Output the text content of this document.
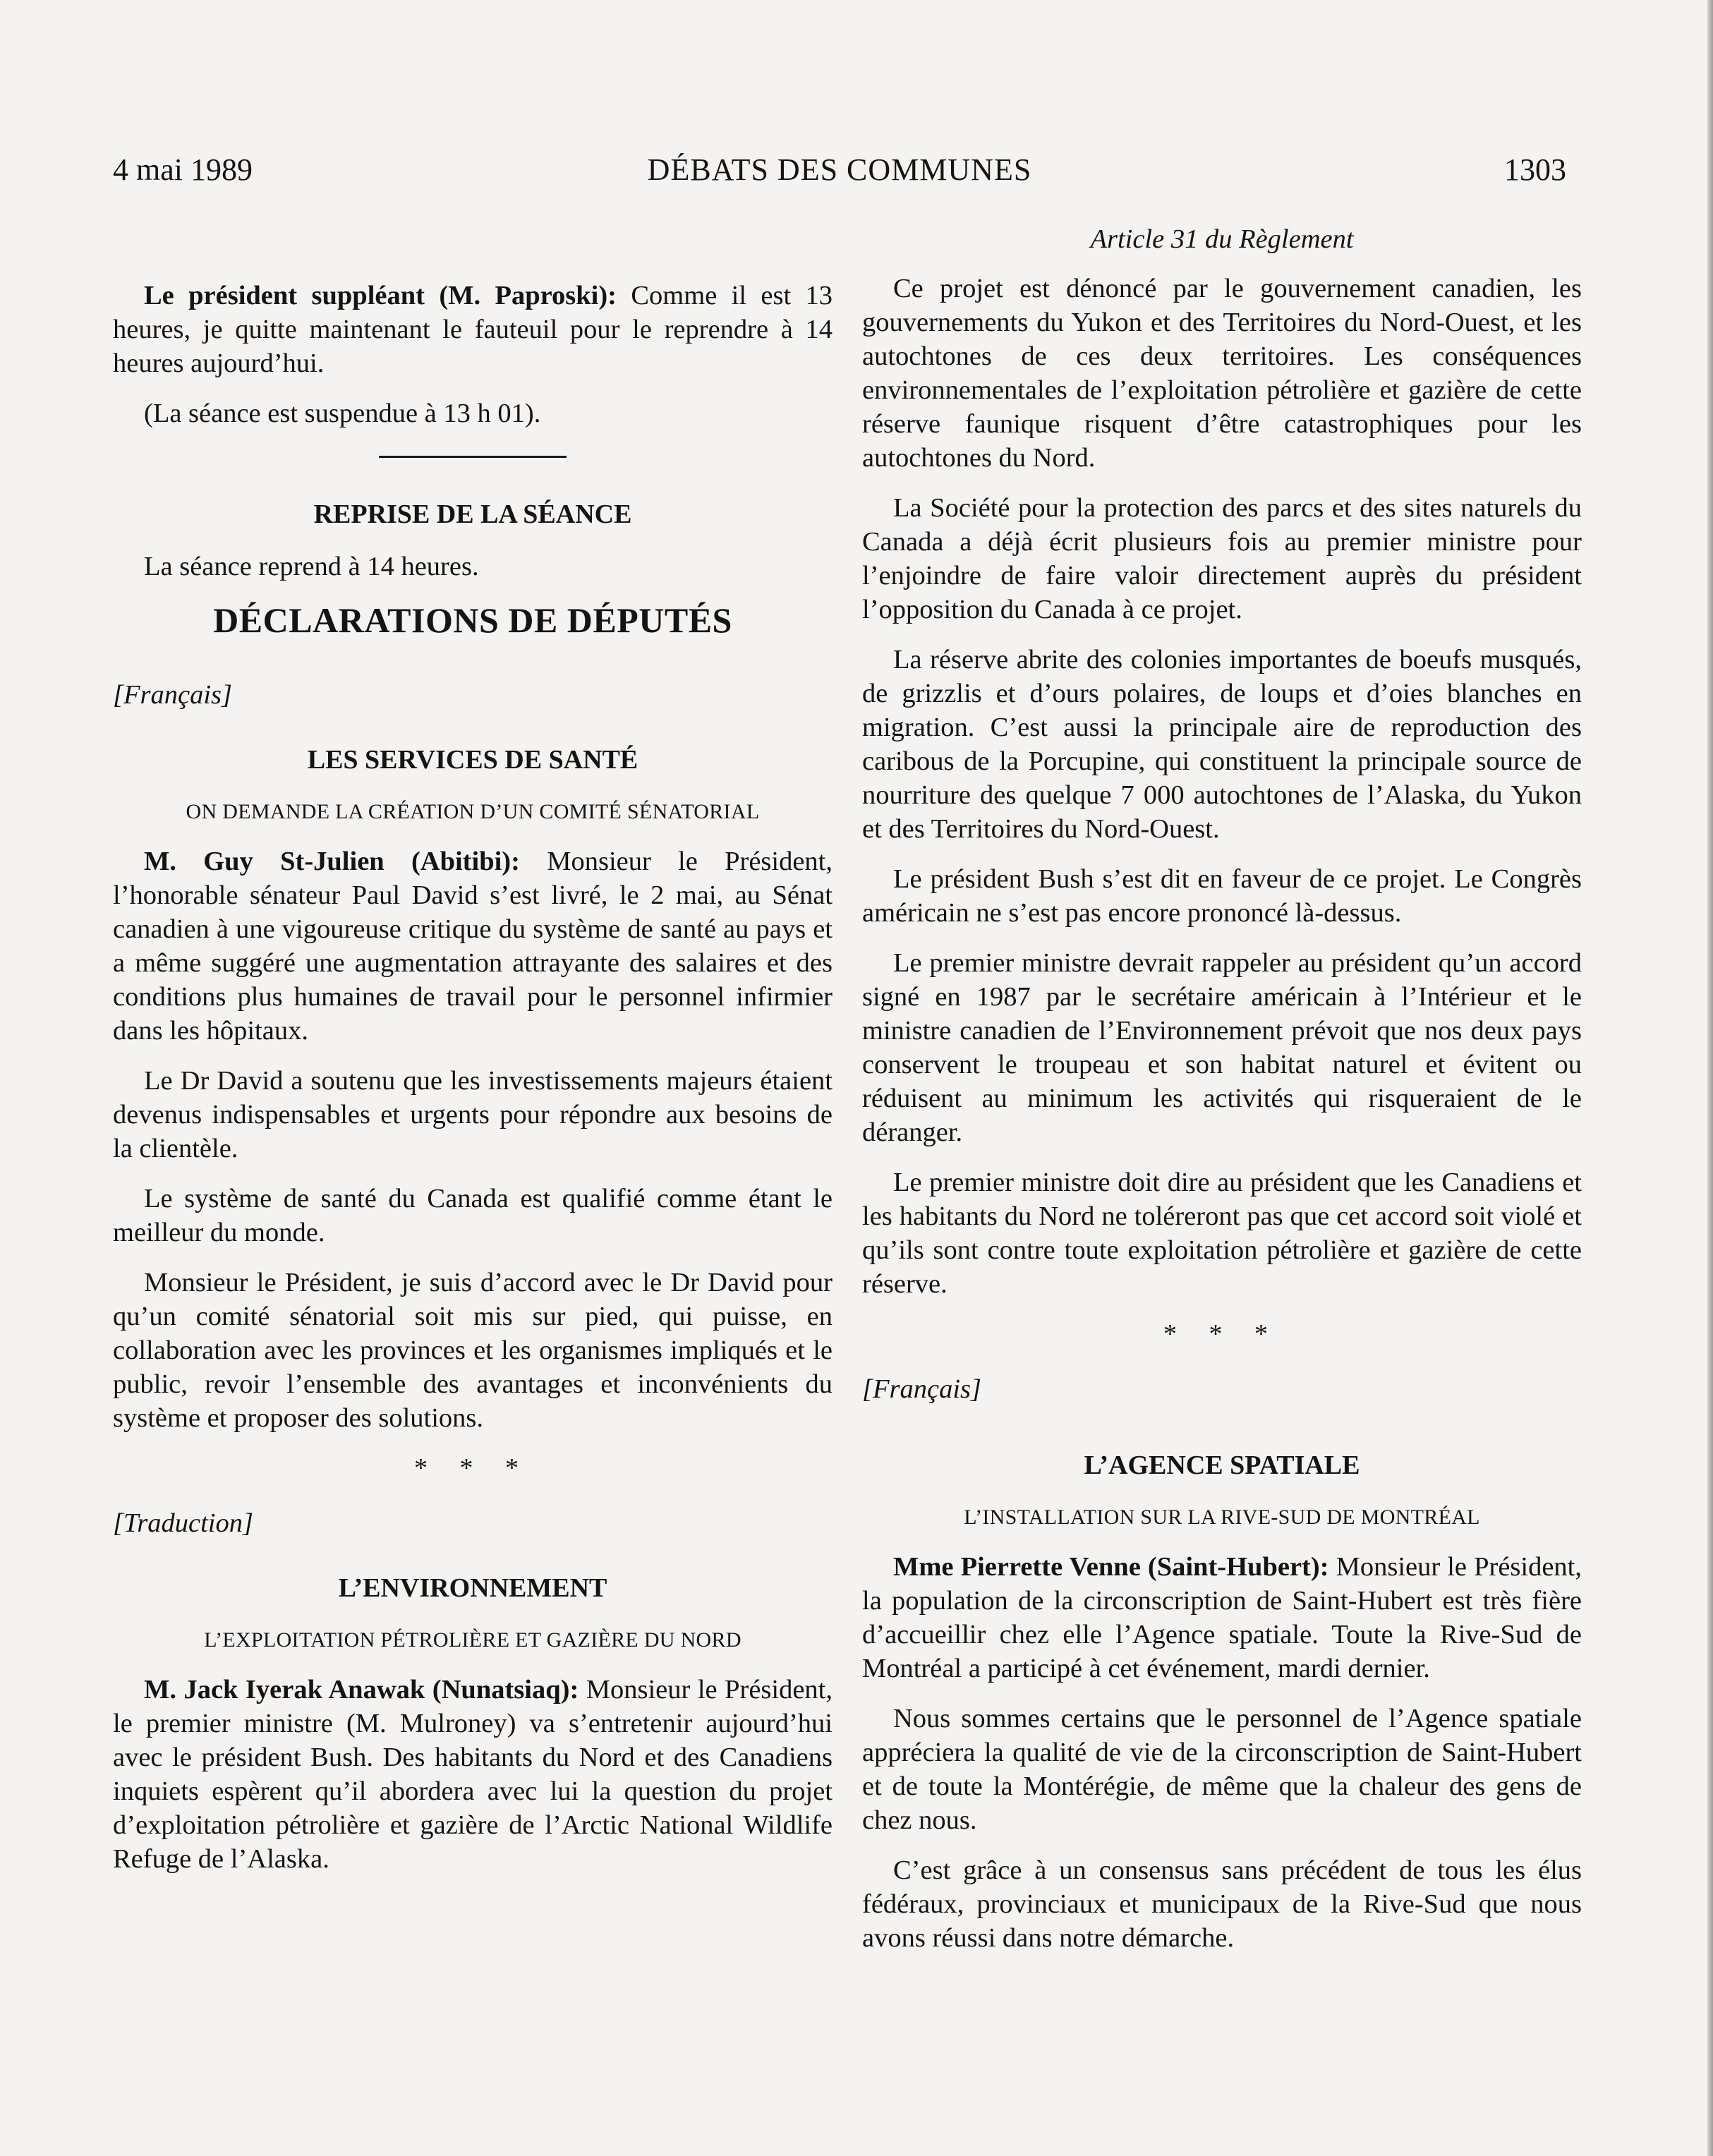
4 mai 1989	DÉBATS DES COMMUNES	1303

Le président suppléant (M. Paproski): Comme il est 13 heures, je quitte maintenant le fauteuil pour le reprendre à 14 heures aujourd’hui.

(La séance est suspendue à 13 h 01).

REPRISE DE LA SÉANCE

La séance reprend à 14 heures.

DÉCLARATIONS DE DÉPUTÉS

[Français]

LES SERVICES DE SANTÉ
ON DEMANDE LA CRÉATION D’UN COMITÉ SÉNATORIAL

M. Guy St-Julien (Abitibi): Monsieur le Président, l’honorable sénateur Paul David s’est livré, le 2 mai, au Sénat canadien à une vigoureuse critique du système de santé au pays et a même suggéré une augmentation attrayante des salaires et des conditions plus humaines de travail pour le personnel infirmier dans les hôpitaux.

Le Dr David a soutenu que les investissements majeurs étaient devenus indispensables et urgents pour répondre aux besoins de la clientèle.

Le système de santé du Canada est qualifié comme étant le meilleur du monde.

Monsieur le Président, je suis d’accord avec le Dr David pour qu’un comité sénatorial soit mis sur pied, qui puisse, en collaboration avec les provinces et les organismes impliqués et le public, revoir l’ensemble des avantages et inconvénients du système et proposer des solutions.

* * *

[Traduction]

L’ENVIRONNEMENT
L’EXPLOITATION PÉTROLIÈRE ET GAZIÈRE DU NORD

M. Jack Iyerak Anawak (Nunatsiaq): Monsieur le Président, le premier ministre (M. Mulroney) va s’entretenir aujourd’hui avec le président Bush. Des habitants du Nord et des Canadiens inquiets espèrent qu’il abordera avec lui la question du projet d’exploitation pétrolière et gazière de l’Arctic National Wildlife Refuge de l’Alaska.

Article 31 du Règlement

Ce projet est dénoncé par le gouvernement canadien, les gouvernements du Yukon et des Territoires du Nord-Ouest, et les autochtones de ces deux territoires. Les conséquences environnementales de l’exploitation pétrolière et gazière de cette réserve faunique risquent d’être catastrophiques pour les autochtones du Nord.

La Société pour la protection des parcs et des sites naturels du Canada a déjà écrit plusieurs fois au premier ministre pour l’enjoindre de faire valoir directement auprès du président l’opposition du Canada à ce projet.

La réserve abrite des colonies importantes de boeufs musqués, de grizzlis et d’ours polaires, de loups et d’oies blanches en migration. C’est aussi la principale aire de reproduction des caribous de la Porcupine, qui constituent la principale source de nourriture des quelque 7 000 autochtones de l’Alaska, du Yukon et des Territoires du Nord-Ouest.

Le président Bush s’est dit en faveur de ce projet. Le Congrès américain ne s’est pas encore prononcé là-dessus.

Le premier ministre devrait rappeler au président qu’un accord signé en 1987 par le secrétaire américain à l’Intérieur et le ministre canadien de l’Environnement prévoit que nos deux pays conservent le troupeau et son habitat naturel et évitent ou réduisent au minimum les activités qui risqueraient de le déranger.

Le premier ministre doit dire au président que les Canadiens et les habitants du Nord ne toléreront pas que cet accord soit violé et qu’ils sont contre toute exploitation pétrolière et gazière de cette réserve.

* * *

[Français]

L’AGENCE SPATIALE
L’INSTALLATION SUR LA RIVE-SUD DE MONTRÉAL

Mme Pierrette Venne (Saint-Hubert): Monsieur le Président, la population de la circonscription de Saint-Hubert est très fière d’accueillir chez elle l’Agence spatiale. Toute la Rive-Sud de Montréal a participé à cet événement, mardi dernier.

Nous sommes certains que le personnel de l’Agence spatiale appréciera la qualité de vie de la circonscription de Saint-Hubert et de toute la Montérégie, de même que la chaleur des gens de chez nous.

C’est grâce à un consensus sans précédent de tous les élus fédéraux, provinciaux et municipaux de la Rive-Sud que nous avons réussi dans notre démarche.
